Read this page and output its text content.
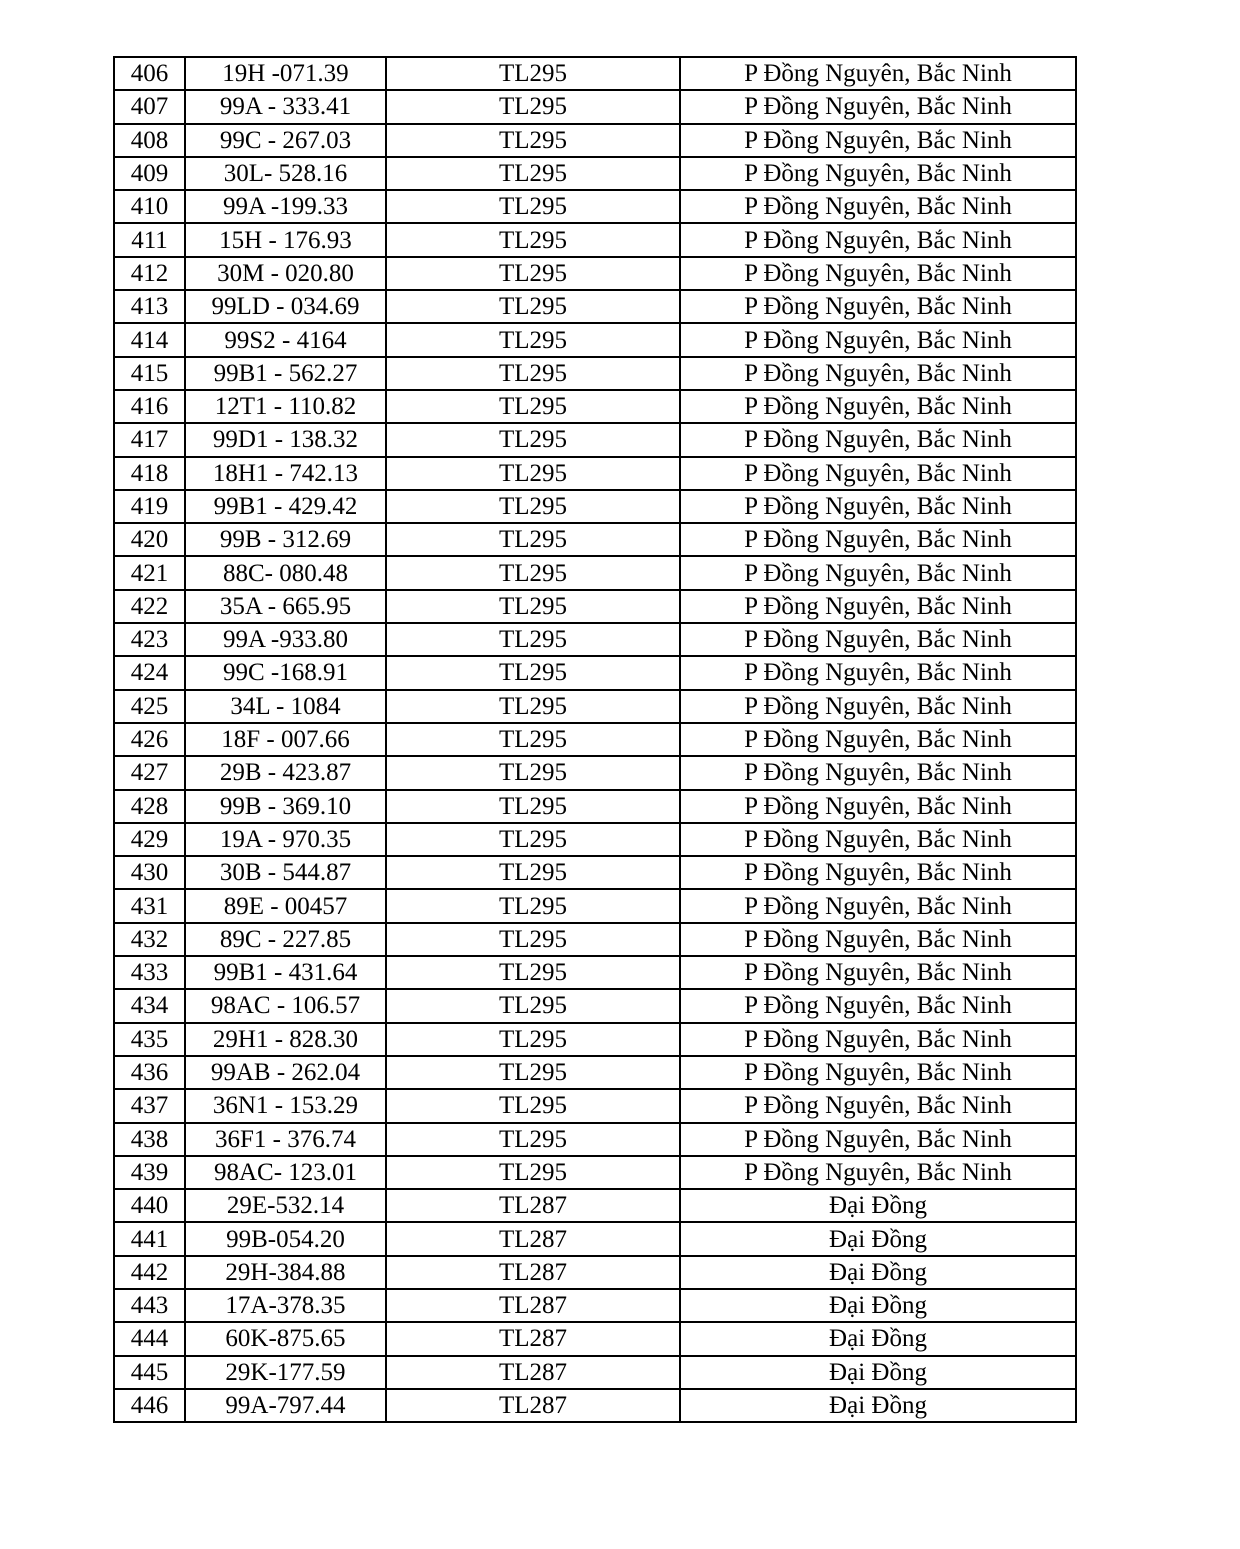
406	19H -071.39	TL295	P Đồng Nguyên, Bắc Ninh
407	99A - 333.41	TL295	P Đồng Nguyên, Bắc Ninh
408	99C - 267.03	TL295	P Đồng Nguyên, Bắc Ninh
409	30L- 528.16	TL295	P Đồng Nguyên, Bắc Ninh
410	99A -199.33	TL295	P Đồng Nguyên, Bắc Ninh
411	15H - 176.93	TL295	P Đồng Nguyên, Bắc Ninh
412	30M - 020.80	TL295	P Đồng Nguyên, Bắc Ninh
413	99LD - 034.69	TL295	P Đồng Nguyên, Bắc Ninh
414	99S2 - 4164	TL295	P Đồng Nguyên, Bắc Ninh
415	99B1 - 562.27	TL295	P Đồng Nguyên, Bắc Ninh
416	12T1 - 110.82	TL295	P Đồng Nguyên, Bắc Ninh
417	99D1 - 138.32	TL295	P Đồng Nguyên, Bắc Ninh
418	18H1 - 742.13	TL295	P Đồng Nguyên, Bắc Ninh
419	99B1 - 429.42	TL295	P Đồng Nguyên, Bắc Ninh
420	99B - 312.69	TL295	P Đồng Nguyên, Bắc Ninh
421	88C- 080.48	TL295	P Đồng Nguyên, Bắc Ninh
422	35A - 665.95	TL295	P Đồng Nguyên, Bắc Ninh
423	99A -933.80	TL295	P Đồng Nguyên, Bắc Ninh
424	99C -168.91	TL295	P Đồng Nguyên, Bắc Ninh
425	34L - 1084	TL295	P Đồng Nguyên, Bắc Ninh
426	18F - 007.66	TL295	P Đồng Nguyên, Bắc Ninh
427	29B - 423.87	TL295	P Đồng Nguyên, Bắc Ninh
428	99B - 369.10	TL295	P Đồng Nguyên, Bắc Ninh
429	19A - 970.35	TL295	P Đồng Nguyên, Bắc Ninh
430	30B - 544.87	TL295	P Đồng Nguyên, Bắc Ninh
431	89E - 00457	TL295	P Đồng Nguyên, Bắc Ninh
432	89C - 227.85	TL295	P Đồng Nguyên, Bắc Ninh
433	99B1 - 431.64	TL295	P Đồng Nguyên, Bắc Ninh
434	98AC - 106.57	TL295	P Đồng Nguyên, Bắc Ninh
435	29H1 - 828.30	TL295	P Đồng Nguyên, Bắc Ninh
436	99AB - 262.04	TL295	P Đồng Nguyên, Bắc Ninh
437	36N1 - 153.29	TL295	P Đồng Nguyên, Bắc Ninh
438	36F1 - 376.74	TL295	P Đồng Nguyên, Bắc Ninh
439	98AC- 123.01	TL295	P Đồng Nguyên, Bắc Ninh
440	29E-532.14	TL287	Đại Đồng
441	99B-054.20	TL287	Đại Đồng
442	29H-384.88	TL287	Đại Đồng
443	17A-378.35	TL287	Đại Đồng
444	60K-875.65	TL287	Đại Đồng
445	29K-177.59	TL287	Đại Đồng
446	99A-797.44	TL287	Đại Đồng
